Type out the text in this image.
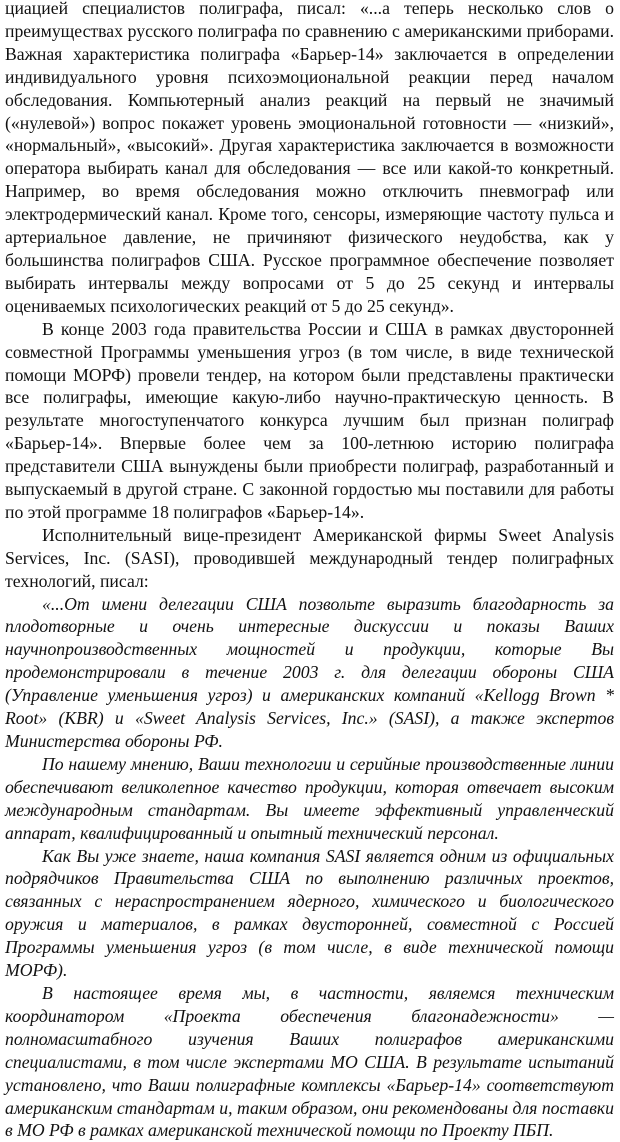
циацией специалистов полиграфа, писал: «...а теперь несколько слов о преимуществах русского полиграфа по сравнению с американскими приборами. Важная характеристика полиграфа «Барьер-14» заключается в определении индивидуального уровня психоэмоциональной реакции перед началом обследования. Компьютерный анализ реакций на первый не значимый («нулевой») вопрос покажет уровень эмоциональной готовности — «низкий», «нормальный», «высокий». Другая характеристика заключается в возможности оператора выбирать канал для обследования — все или какой-то конкретный. Например, во время обследования можно отключить пневмограф или электродермический канал. Кроме того, сенсоры, измеряющие частоту пульса и артериальное давление, не причиняют физического неудобства, как у большинства полиграфов США. Русское программное обеспечение позволяет выбирать интервалы между вопросами от 5 до 25 секунд и интервалы оцениваемых психологических реакций от 5 до 25 секунд».

В конце 2003 года правительства России и США в рамках двусторонней совместной Программы уменьшения угроз (в том числе, в виде технической помощи МОРФ) провели тендер, на котором были представлены практически все полиграфы, имеющие какую-либо научно-практическую ценность. В результате многоступенчатого конкурса лучшим был признан полиграф «Барьер-14». Впервые более чем за 100-летнюю историю полиграфа представители США вынуждены были приобрести полиграф, разработанный и выпускаемый в другой стране. С законной гордостью мы поставили для работы по этой программе 18 полиграфов «Барьер-14».

Исполнительный вице-президент Американской фирмы Sweet Analysis Services, Inc. (SASI), проводившей международный тендер полиграфных технологий, писал:

«...От имени делегации США позвольте выразить благодарность за плодотворные и очень интересные дискуссии и показы Ваших научнопроизводственных мощностей и продукции, которые Вы продемонстрировали в течение 2003 г. для делегации обороны США (Управление уменьшения угроз) и американских компаний «Kellogg Brown * Root» (KBR) и «Sweet Analysis Services, Inc.» (SASI), а также экспертов Министерства обороны РФ.

По нашему мнению, Ваши технологии и серийные производственные линии обеспечивают великолепное качество продукции, которая отвечает высоким международным стандартам. Вы имеете эффективный управленческий аппарат, квалифицированный и опытный технический персонал.

Как Вы уже знаете, наша компания SASI является одним из официальных подрядчиков Правительства США по выполнению различных проектов, связанных с нераспространением ядерного, химического и биологического оружия и материалов, в рамках двусторонней, совместной с Россией Программы уменьшения угроз (в том числе, в виде технической помощи МОРФ).

В настоящее время мы, в частности, являемся техническим координатором «Проекта обеспечения благонадежности» — полномасштабного изучения Ваших полиграфов американскими специалистами, в том числе экспертами МО США. В результате испытаний установлено, что Ваши полиграфные комплексы «Барьер-14» соответствуют американским стандартам и, таким образом, они рекомендованы для поставки в МО РФ в рамках американской технической помощи по Проекту ПБП.
